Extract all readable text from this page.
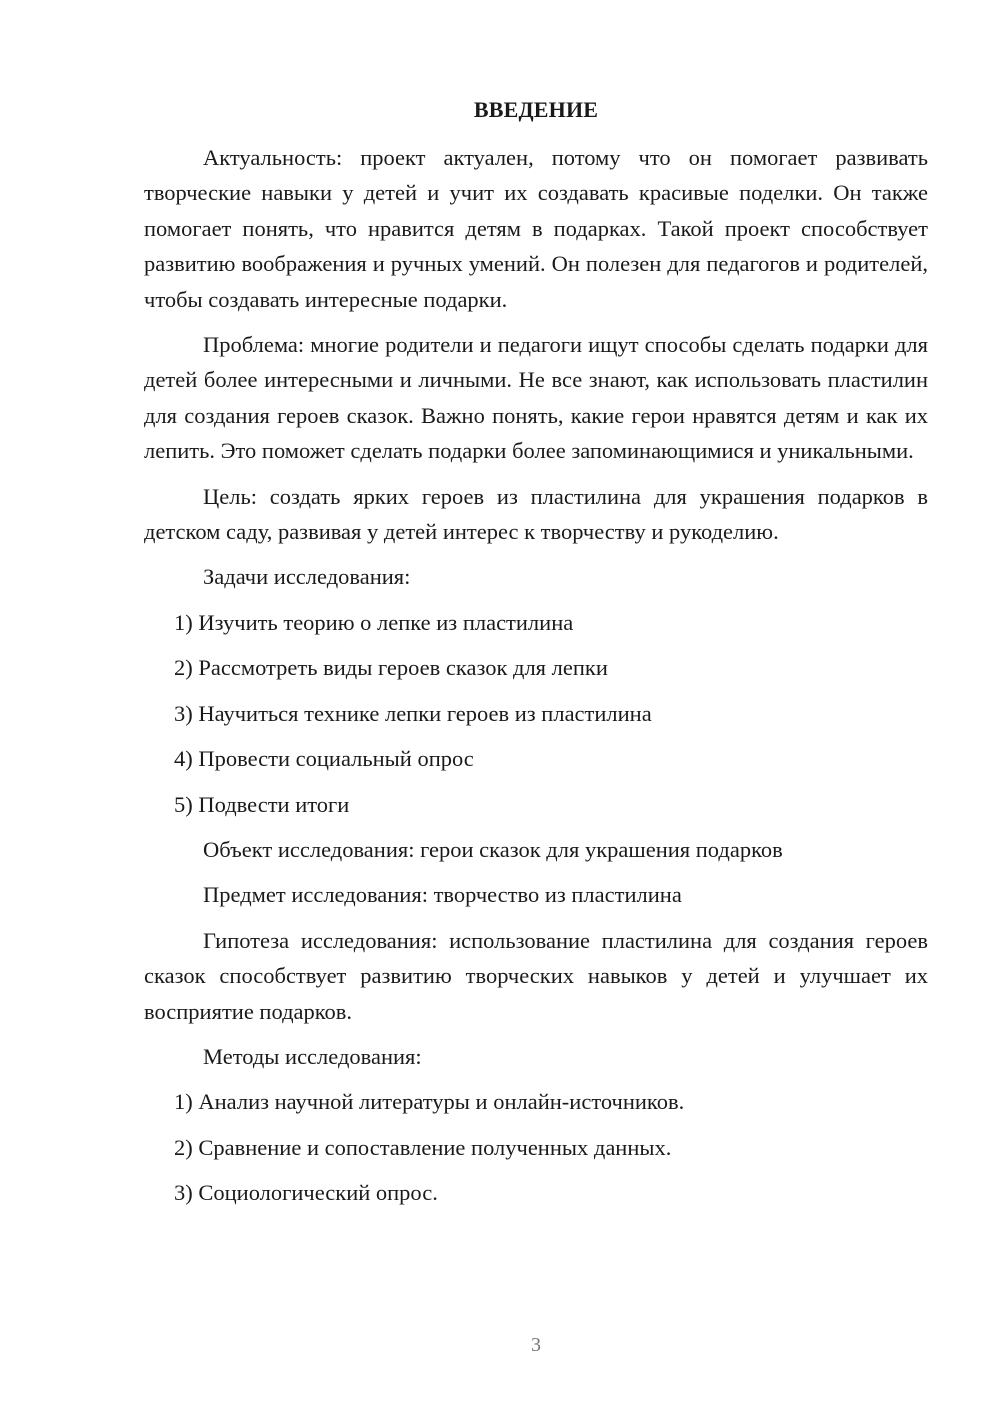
ВВЕДЕНИЕ

Актуальность: проект актуален, потому что он помогает развивать творческие навыки у детей и учит их создавать красивые поделки. Он также помогает понять, что нравится детям в подарках. Такой проект способствует развитию воображения и ручных умений. Он полезен для педагогов и родителей, чтобы создавать интересные подарки.

Проблема: многие родители и педагоги ищут способы сделать подарки для детей более интересными и личными. Не все знают, как использовать пластилин для создания героев сказок. Важно понять, какие герои нравятся детям и как их лепить. Это поможет сделать подарки более запоминающимися и уникальными.

Цель: создать ярких героев из пластилина для украшения подарков в детском саду, развивая у детей интерес к творчеству и рукоделию.

Задачи исследования:

1) Изучить теорию о лепке из пластилина

2) Рассмотреть виды героев сказок для лепки

3) Научиться технике лепки героев из пластилина

4) Провести социальный опрос

5) Подвести итоги

Объект исследования: герои сказок для украшения подарков

Предмет исследования: творчество из пластилина

Гипотеза исследования: использование пластилина для создания героев сказок способствует развитию творческих навыков у детей и улучшает их восприятие подарков.

Методы исследования:

1) Анализ научной литературы и онлайн-источников.

2) Сравнение и сопоставление полученных данных.

3) Социологический опрос.

3
